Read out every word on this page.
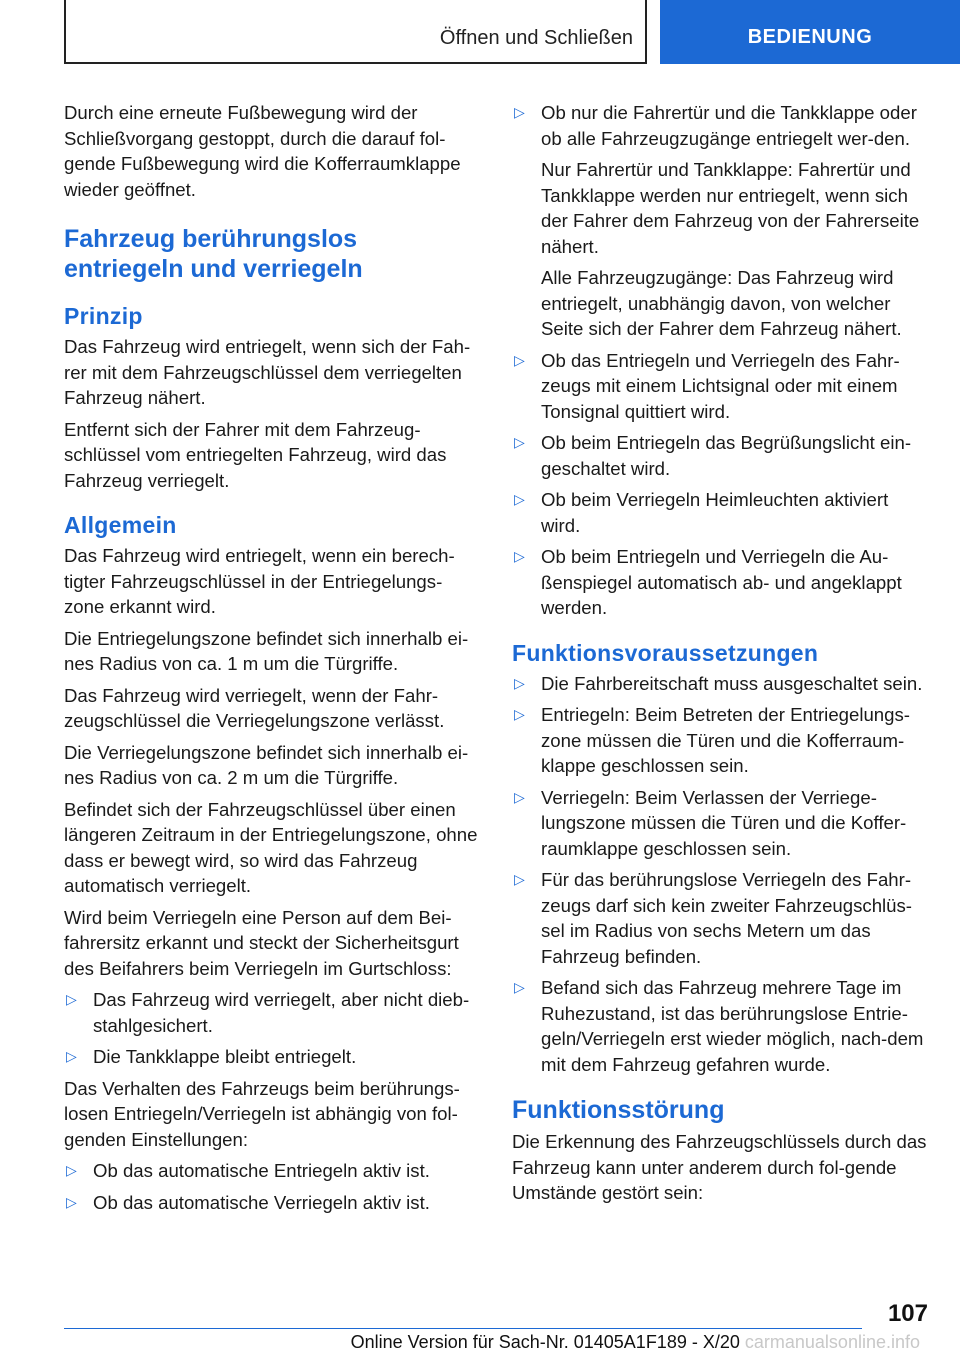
Öffnen und Schließen	BEDIENUNG

Durch eine erneute Fußbewegung wird der Schließvorgang gestoppt, durch die darauf fol-gende Fußbewegung wird die Kofferraumklappe wieder geöffnet.

Fahrzeug berührungslos entriegeln und verriegeln
Prinzip

Das Fahrzeug wird entriegelt, wenn sich der Fah-rer mit dem Fahrzeugschlüssel dem verriegelten Fahrzeug nähert.

Entfernt sich der Fahrer mit dem Fahrzeug-schlüssel vom entriegelten Fahrzeug, wird das Fahrzeug verriegelt.

Allgemein

Das Fahrzeug wird entriegelt, wenn ein berech-tigter Fahrzeugschlüssel in der Entriegelungs-zone erkannt wird.

Die Entriegelungszone befindet sich innerhalb ei-nes Radius von ca. 1 m um die Türgriffe.

Das Fahrzeug wird verriegelt, wenn der Fahr-zeugschlüssel die Verriegelungszone verlässt.

Die Verriegelungszone befindet sich innerhalb ei-nes Radius von ca. 2 m um die Türgriffe.

Befindet sich der Fahrzeugschlüssel über einen längeren Zeitraum in der Entriegelungszone, ohne dass er bewegt wird, so wird das Fahrzeug automatisch verriegelt.

Wird beim Verriegeln eine Person auf dem Bei-fahrersitz erkannt und steckt der Sicherheitsgurt des Beifahrers beim Verriegeln im Gurtschloss:

▷ Das Fahrzeug wird verriegelt, aber nicht dieb-stahlgesichert.
▷ Die Tankklappe bleibt entriegelt.

Das Verhalten des Fahrzeugs beim berührungs-losen Entriegeln/Verriegeln ist abhängig von fol-genden Einstellungen:

▷ Ob das automatische Entriegeln aktiv ist.
▷ Ob das automatische Verriegeln aktiv ist.
▷ Ob nur die Fahrertür und die Tankklappe oder ob alle Fahrzeugzugänge entriegelt wer-den.

Nur Fahrertür und Tankklappe: Fahrertür und Tankklappe werden nur entriegelt, wenn sich der Fahrer dem Fahrzeug von der Fahrerseite nähert.

Alle Fahrzeugzugänge: Das Fahrzeug wird entriegelt, unabhängig davon, von welcher Seite sich der Fahrer dem Fahrzeug nähert.

▷ Ob das Entriegeln und Verriegeln des Fahr-zeugs mit einem Lichtsignal oder mit einem Tonsignal quittiert wird.
▷ Ob beim Entriegeln das Begrüßungslicht ein-geschaltet wird.
▷ Ob beim Verriegeln Heimleuchten aktiviert wird.
▷ Ob beim Entriegeln und Verriegeln die Au-ßenspiegel automatisch ab- und angeklappt werden.
Funktionsvoraussetzungen
▷ Die Fahrbereitschaft muss ausgeschaltet sein.
▷ Entriegeln: Beim Betreten der Entriegelungs-zone müssen die Türen und die Kofferraum-klappe geschlossen sein.
▷ Verriegeln: Beim Verlassen der Verriege-lungszone müssen die Türen und die Koffer-raumklappe geschlossen sein.
▷ Für das berührungslose Verriegeln des Fahr-zeugs darf sich kein zweiter Fahrzeugschlüs-sel im Radius von sechs Metern um das Fahrzeug befinden.
▷ Befand sich das Fahrzeug mehrere Tage im Ruhezustand, ist das berührungslose Entrie-geln/Verriegeln erst wieder möglich, nach-dem mit dem Fahrzeug gefahren wurde.
Funktionsstörung

Die Erkennung des Fahrzeugschlüssels durch das Fahrzeug kann unter anderem durch fol-gende Umstände gestört sein:

107
Online Version für Sach-Nr. 01405A1F189 - X/20 carmanualsonline.info
